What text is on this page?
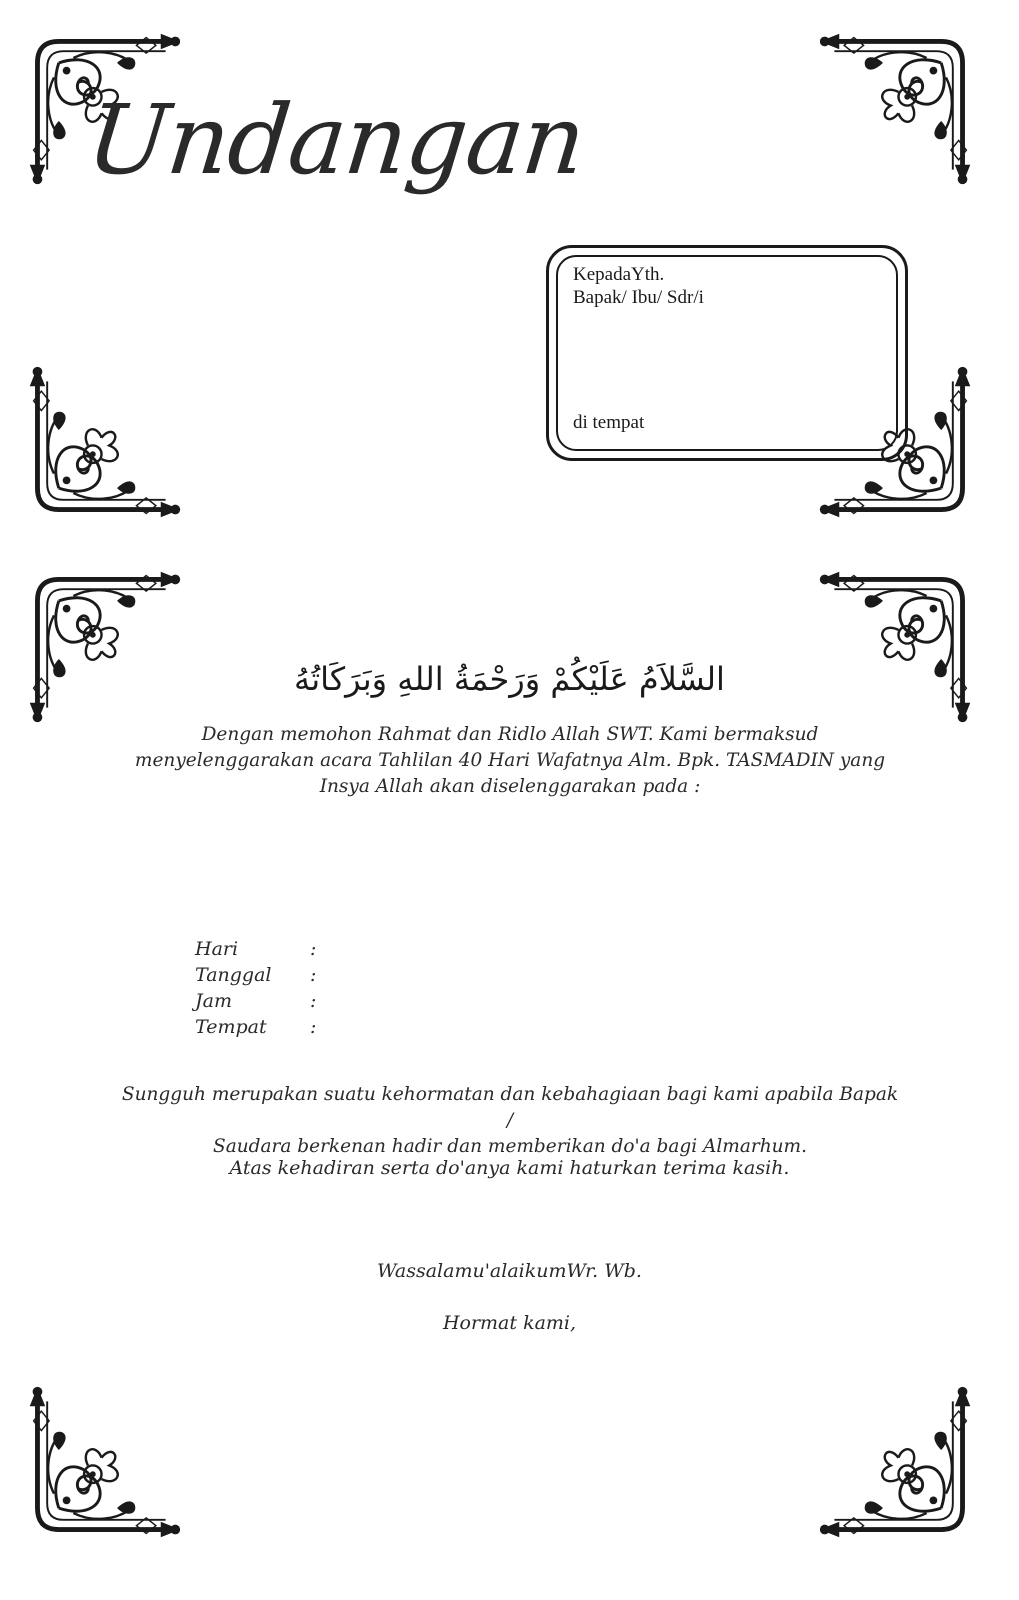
Undangan
KepadaYth.
Bapak/ Ibu/ Sdr/i
di tempat
السَّلاَمُ عَلَيْكُمْ وَرَحْمَةُ اللهِ وَبَرَكَاتُهُ
Dengan memohon Rahmat dan Ridlo Allah SWT. Kami bermaksud
menyelenggarakan acara Tahlilan 40 Hari Wafatnya Alm. Bpk. TASMADIN yang
Insya Allah akan diselenggarakan pada :
Hari	:
Tanggal	:
Jam	:
Tempat	:
Sungguh merupakan suatu kehormatan dan kebahagiaan bagi kami apabila Bapak /
Saudara berkenan hadir dan memberikan do'a bagi Almarhum.
Atas kehadiran serta do'anya kami haturkan terima kasih.
Wassalamu'alaikumWr. Wb.
Hormat kami,
